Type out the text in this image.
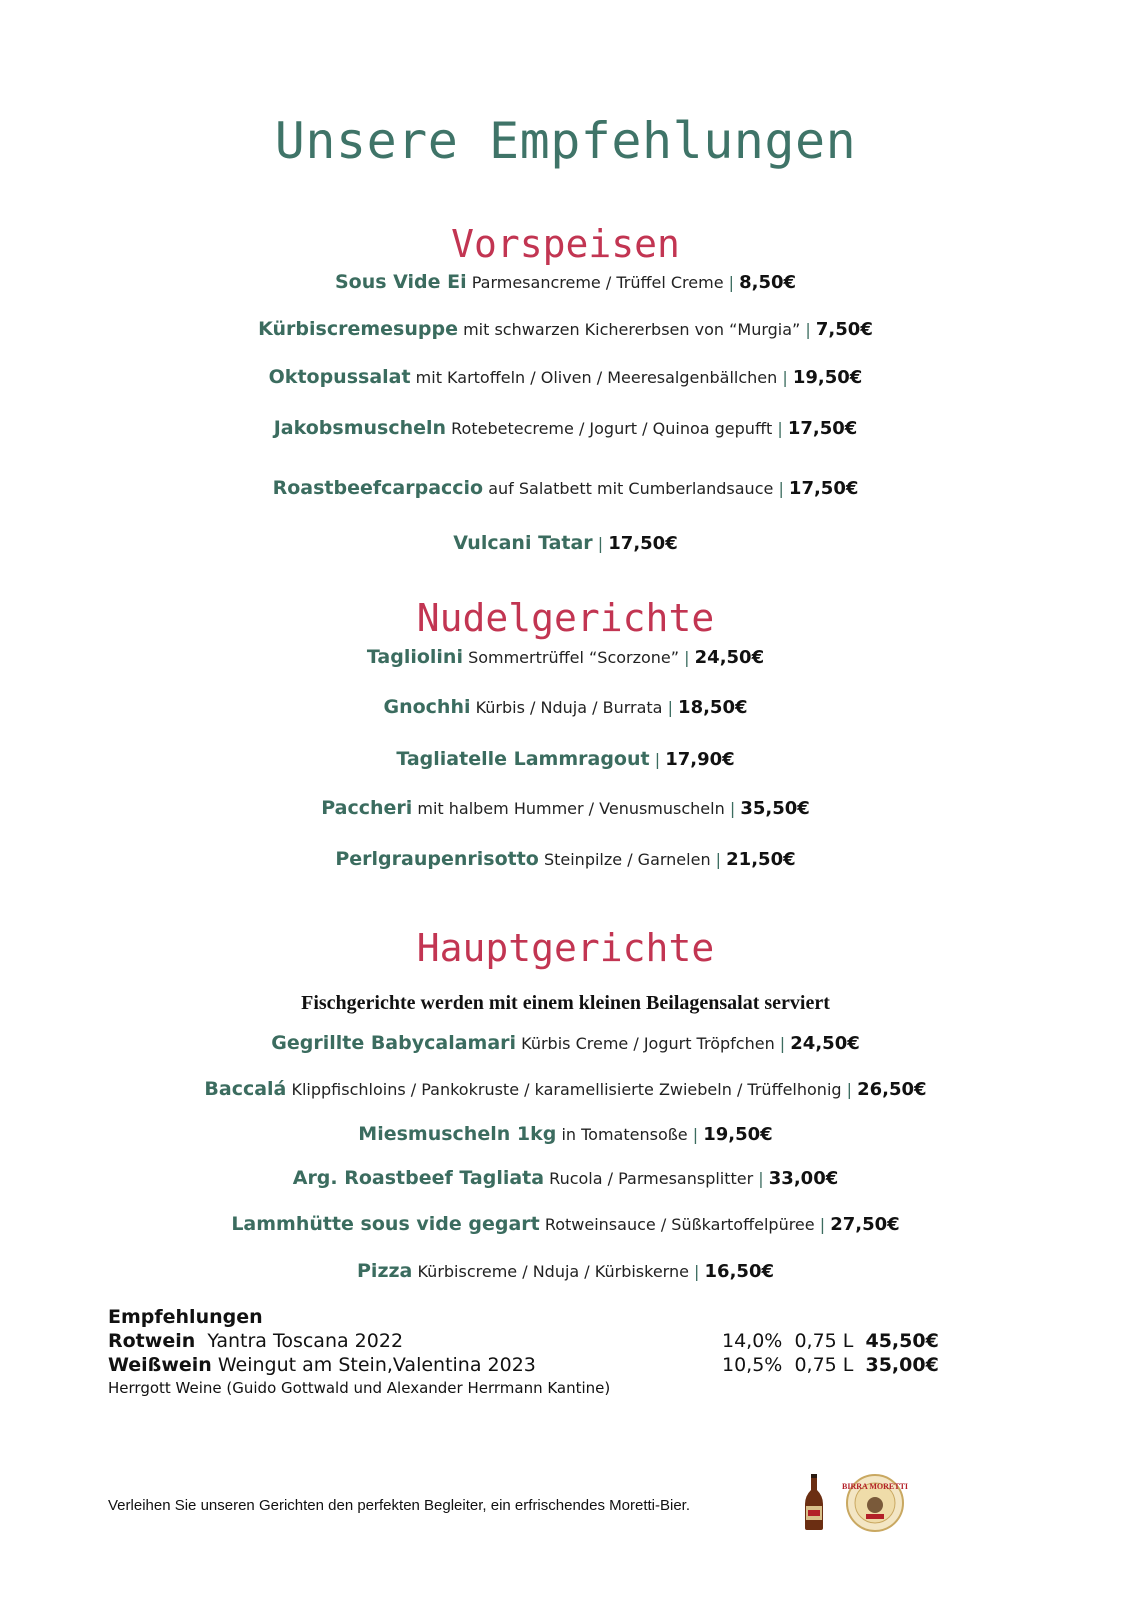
Unsere Empfehlungen
Vorspeisen
Sous Vide Ei Parmesancreme / Trüffel Creme | 8,50€
Kürbiscremesuppe mit schwarzen Kichererbsen von “Murgia” | 7,50€
Oktopussalat mit Kartoffeln / Oliven / Meeresalgenbällchen | 19,50€
Jakobsmuscheln Rotebetecreme / Jogurt / Quinoa gepufft | 17,50€
Roastbeefcarpaccio auf Salatbett mit Cumberlandsauce | 17,50€
Vulcani Tatar | 17,50€
Nudelgerichte
Tagliolini Sommertrüffel “Scorzone” | 24,50€
Gnochhi Kürbis / Nduja / Burrata | 18,50€
Tagliatelle Lammragout | 17,90€
Paccheri mit halbem Hummer / Venusmuscheln | 35,50€
Perlgraupenrisotto Steinpilze / Garnelen | 21,50€
Hauptgerichte
Fischgerichte werden mit einem kleinen Beilagensalat serviert
Gegrillte Babycalamari Kürbis Creme / Jogurt Tröpfchen | 24,50€
Baccalá Klippfischloins / Pankokruste / karamellisierte Zwiebeln / Trüffelhonig | 26,50€
Miesmuscheln 1kg in Tomatensoße | 19,50€
Arg. Roastbeef Tagliata Rucola / Parmesansplitter | 33,00€
Lammhütte sous vide gegart Rotweinsauce / Süßkartoffelpüree | 27,50€
Pizza Kürbiscreme / Nduja / Kürbiskerne | 16,50€
Empfehlungen
Rotwein Yantra Toscana 2022	14,0% 0,75 L 45,50€
Weißwein Weingut am Stein,Valentina 2023	10,5% 0,75 L 35,00€
Herrgott Weine (Guido Gottwald und Alexander Herrmann Kantine)
Verleihen Sie unseren Gerichten den perfekten Begleiter, ein erfrischendes Moretti-Bier.
BIRRA MORETTI
